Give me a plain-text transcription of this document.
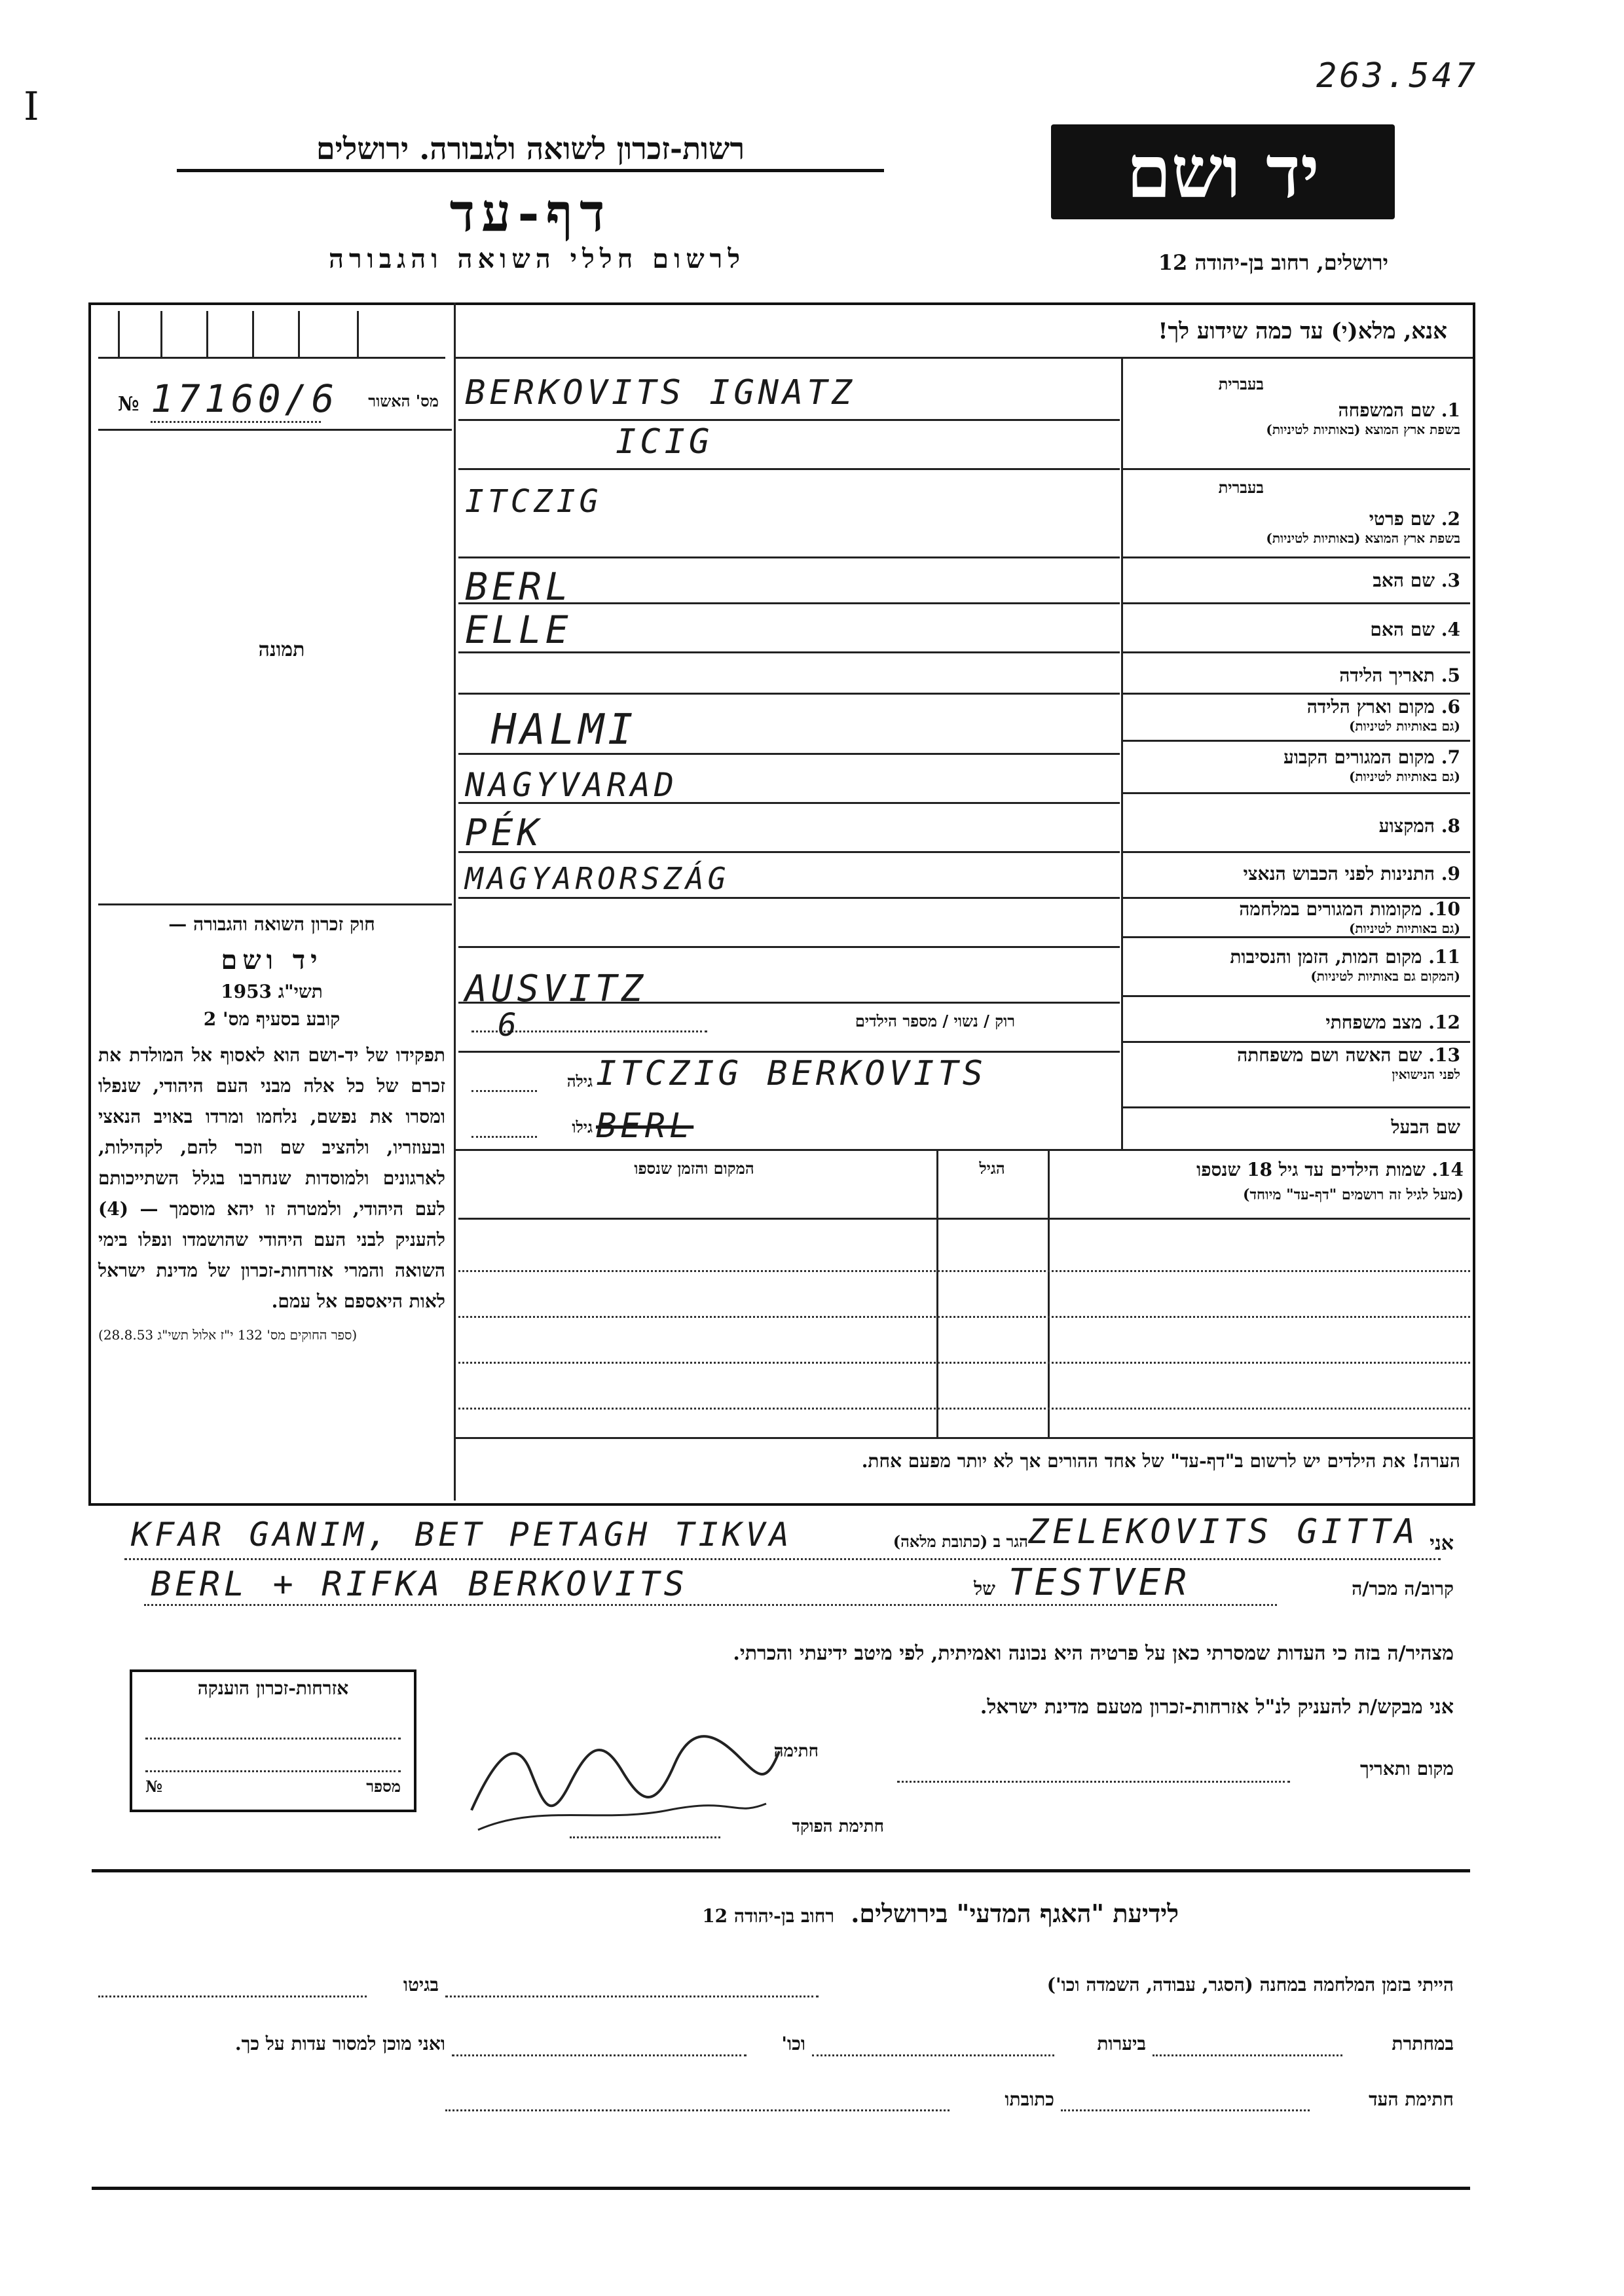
I
263.547
רשות-זכרון לשואה ולגבורה. ירושלים
דף-עד
לרשום חללי השואה והגבורה
יד ושם
ירושלים, רחוב בן-יהודה 12
אנא, מלא(י) עד כמה שידוע לך!
№ 17160/6	מס' האשור
תמונה
חוק זכרון השואה והגבורה —
יד ושם
תשי"ג 1953
קובע בסעיף מס' 2
תפקידו של יד-ושם הוא לאסוף אל המולדת את זכרם של כל אלה מבני העם היהודי, שנפלו ומסרו את נפשם, נלחמו ומרדו באויב הנאצי ובעוזריו, ולהציב שם וזכר להם, לקהילות, לארגונים ולמוסדות שנחרבו בגלל השתייכותם לעם היהודי, ולמטרה זו יהא מוסמך — (4) להעניק לבני העם היהודי שהושמדו ונפלו בימי השואה והמרי אזרחות-זכרון של מדינת ישראל לאות היאספם אל עמם.
(ספר החוקים מס' 132 י"ז אלול תשי"ג 28.8.53)
בעברית
1. שם המשפחה
בשפת ארץ המוצא (באותיות לטיניות)
בעברית
2. שם פרטי
בשפת ארץ המוצא (באותיות לטיניות)
3. שם האב
4. שם האם
5. תאריך הלידה
6. מקום וארץ הלידה
(גם באותיות לטיניות)
7. מקום המגורים הקבוע
(גם באותיות לטיניות)
8. המקצוע
9. התנינות לפני הכבוש הנאצי
10. מקומות המגורים במלחמה
(גם באותיות לטיניות)
11. מקום המות, הזמן והנסיבות
(המקום גם באותיות לטיניות)
12. מצב משפחתי
13. שם האשה ושם משפחתה
לפני הנישואין
שם הבעל
BERKOVITS IGNATZ
ICIG
ITCZIG
BERL
ELLE
HALMI
NAGYVARAD
PÉK
MAGYARORSZÁG
AUSVITZ
6	רוק / נשוי / מספר הילדים
גילה ITCZIG BERKOVITS
גילו BERL
14. שמות הילדים עד גיל 18 שנספו
(מעל לגיל זה רושמים "דף-עד" מיוחד)
הגיל
המקום והזמן שנספו
הערה! את הילדים יש לרשום ב"דף-עד" של אחד ההורים אך לא יותר מפעם אחת.
אני
ZELEKOVITS GITTA
הגר ב (כתובת מלאה)
KFAR GANIM, BET PETAGH TIKVA
קרוב/ה מכר/ה
TESTVER
של
BERL + RIFKA BERKOVITS
מצהיר/ה בזה כי העדות שמסרתי כאן על פרטיה היא נכונה ואמיתית, לפי מיטב ידיעתי והכרתי.
אני מבקש/ת להעניק לנ"ל אזרחות-זכרון מטעם מדינת ישראל.
מקום ותאריך
חתימה
חתימת הפוקד
אזרחות-זכרון הוענקה
מספר
№
לידיעת "האגף המדעי" בירושלים. רחוב בן-יהודה 12
הייתי בזמן המלחמה במחנה (הסגר, עבודה, השמדה וכו')
בגיטו
במחתרת
ביערות
וכו'
ואני מוכן למסור עדות על כך.
חתימת העד
כתובתו
